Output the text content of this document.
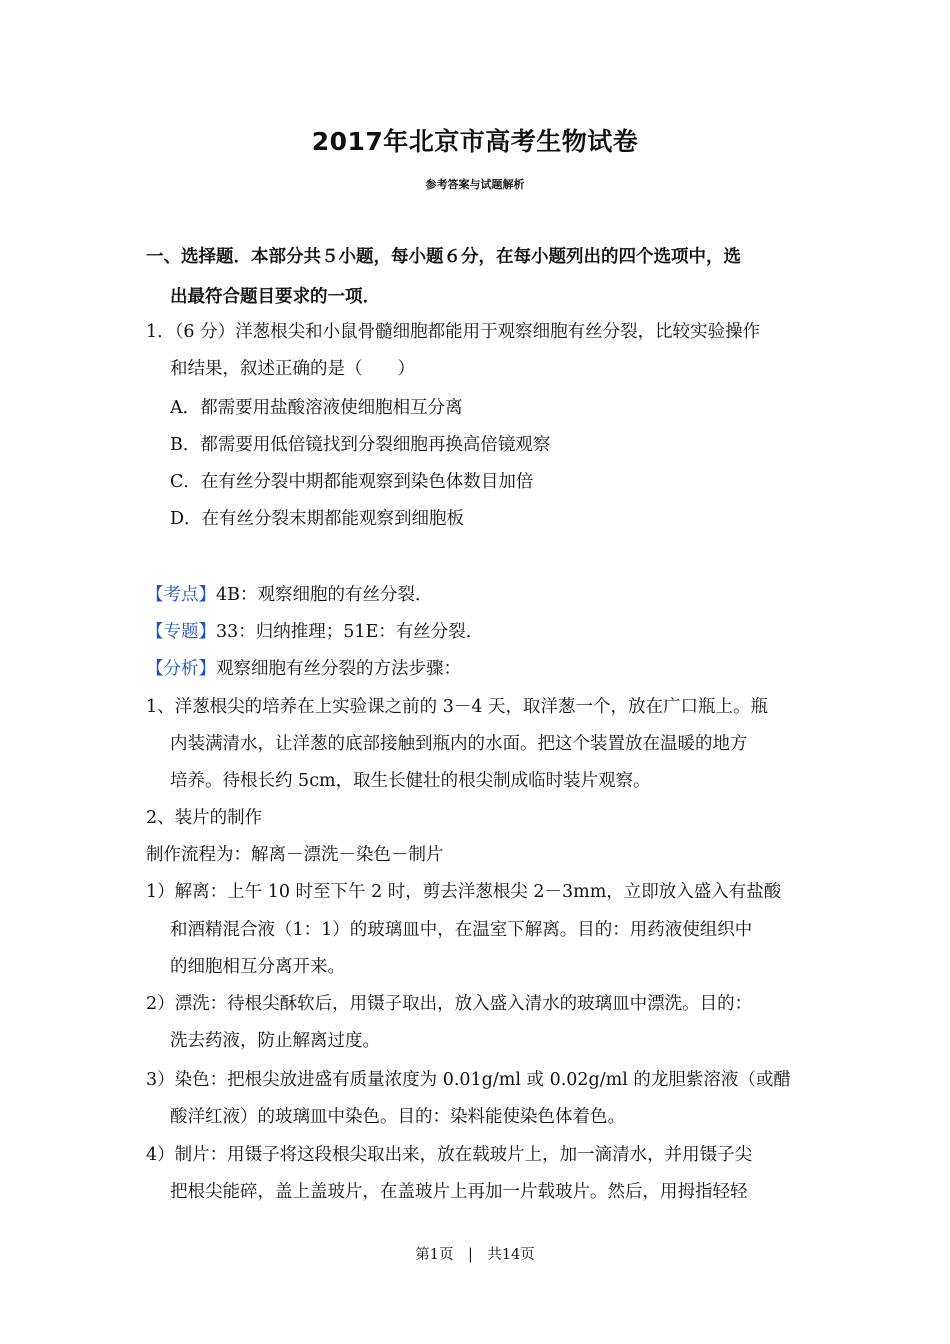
2017年北京市高考生物试卷
参考答案与试题解析
一、选择题．本部分共５小题，每小题６分，在每小题列出的四个选项中，选
出最符合题目要求的一项．
1．（6 分）洋葱根尖和小鼠骨髓细胞都能用于观察细胞有丝分裂，比较实验操作
和结果，叙述正确的是（　　）
A．都需要用盐酸溶液使细胞相互分离
B．都需要用低倍镜找到分裂细胞再换高倍镜观察
C．在有丝分裂中期都能观察到染色体数目加倍
D．在有丝分裂末期都能观察到细胞板
【考点】4B：观察细胞的有丝分裂．
【专题】33：归纳推理；51E：有丝分裂．
【分析】观察细胞有丝分裂的方法步骤：
1、洋葱根尖的培养在上实验课之前的 3－4 天，取洋葱一个，放在广口瓶上。瓶
内装满清水，让洋葱的底部接触到瓶内的水面。把这个装置放在温暖的地方
培养。待根长约 5cm，取生长健壮的根尖制成临时装片观察。
2、装片的制作
制作流程为：解离－漂洗－染色－制片
1）解离：上午 10 时至下午 2 时，剪去洋葱根尖 2－3mm，立即放入盛入有盐酸
和酒精混合液（1：1）的玻璃皿中，在温室下解离。目的：用药液使组织中
的细胞相互分离开来。
2）漂洗：待根尖酥软后，用镊子取出，放入盛入清水的玻璃皿中漂洗。目的：
洗去药液，防止解离过度。
3）染色：把根尖放进盛有质量浓度为 0.01g/ml 或 0.02g/ml 的龙胆紫溶液（或醋
酸洋红液）的玻璃皿中染色。目的：染料能使染色体着色。
4）制片：用镊子将这段根尖取出来，放在载玻片上，加一滴清水，并用镊子尖
把根尖能碎，盖上盖玻片，在盖玻片上再加一片载玻片。然后，用拇指轻轻
第1页　|　共14页
